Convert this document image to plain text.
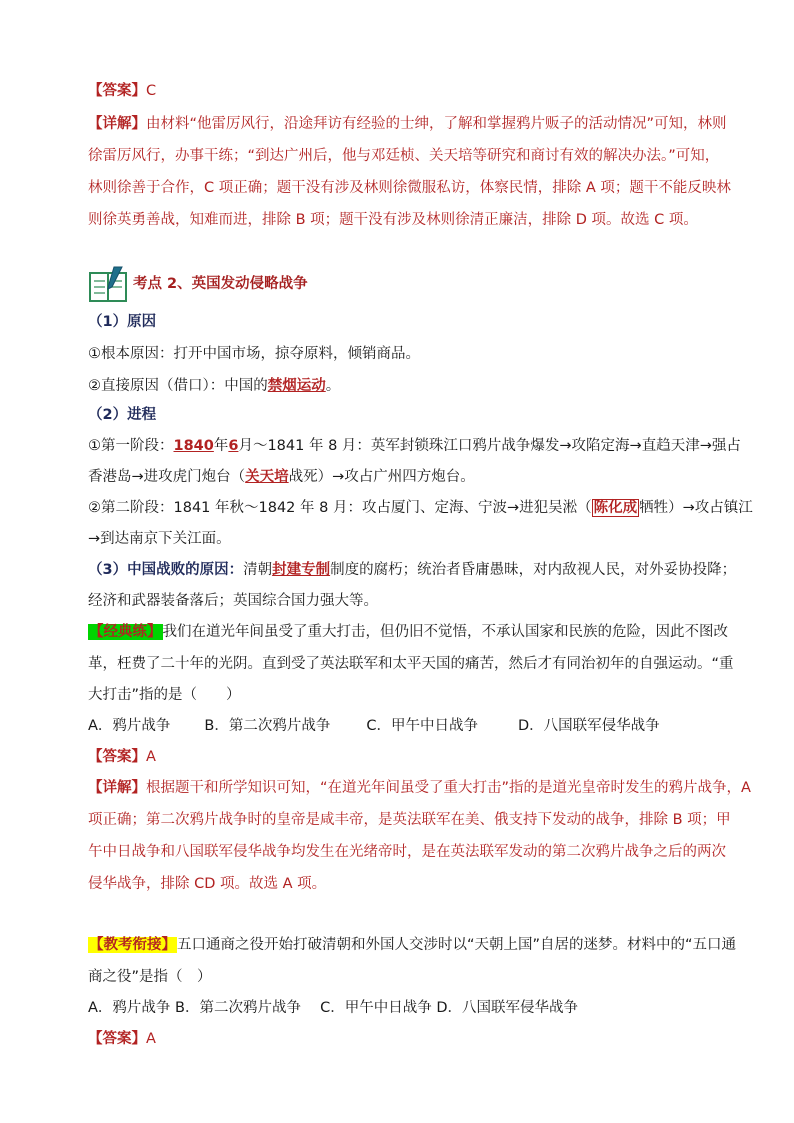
【答案】C
【详解】由材料“他雷厉风行，沿途拜访有经验的士绅，了解和掌握鸦片贩子的活动情况”可知，林则
徐雷厉风行，办事干练；“到达广州后，他与邓廷桢、关天培等研究和商讨有效的解决办法。”可知，
林则徐善于合作，C 项正确；题干没有涉及林则徐微服私访，体察民情，排除 A 项；题干不能反映林
则徐英勇善战，知难而进，排除 B 项；题干没有涉及林则徐清正廉洁，排除 D 项。故选 C 项。
考点 2、英国发动侵略战争
（1）原因
①根本原因：打开中国市场，掠夺原料，倾销商品。
②直接原因（借口）：中国的禁烟运动。
（2）进程
①第一阶段：1840年6月～1841 年 8 月：英军封锁珠江口鸦片战争爆发→攻陷定海→直趋天津→强占
香港岛→进攻虎门炮台（关天培战死）→攻占广州四方炮台。
②第二阶段：1841 年秋～1842 年 8 月：攻占厦门、定海、宁波→进犯吴淞（ 陈化成 牺牲）→攻占镇江
→到达南京下关江面。
（3）中国战败的原因：清朝封建专制制度的腐朽；统治者昏庸愚昧，对内敌视人民，对外妥协投降；
经济和武器装备落后；英国综合国力强大等。
【经典练】我们在道光年间虽受了重大打击，但仍旧不觉悟，不承认国家和民族的危险，因此不图改
革，枉费了二十年的光阴。直到受了英法联军和太平天国的痛苦，然后才有同治初年的自强运动。“重
大打击”指的是（　　）
A．鸦片战争 B．第二次鸦片战争 C．甲午中日战争	D．八国联军侵华战争
【答案】A
【详解】根据题干和所学知识可知，“在道光年间虽受了重大打击”指的是道光皇帝时发生的鸦片战争，A
项正确；第二次鸦片战争时的皇帝是咸丰帝，是英法联军在美、俄支持下发动的战争，排除 B 项；甲
午中日战争和八国联军侵华战争均发生在光绪帝时，是在英法联军发动的第二次鸦片战争之后的两次
侵华战争，排除 CD 项。故选 A 项。
【教考衔接】五口通商之役开始打破清朝和外国人交涉时以“天朝上国”自居的迷梦。材料中的“五口通
商之役”是指（　）
A．鸦片战争 B．第二次鸦片战争　 C．甲午中日战争 D．八国联军侵华战争
【答案】A
